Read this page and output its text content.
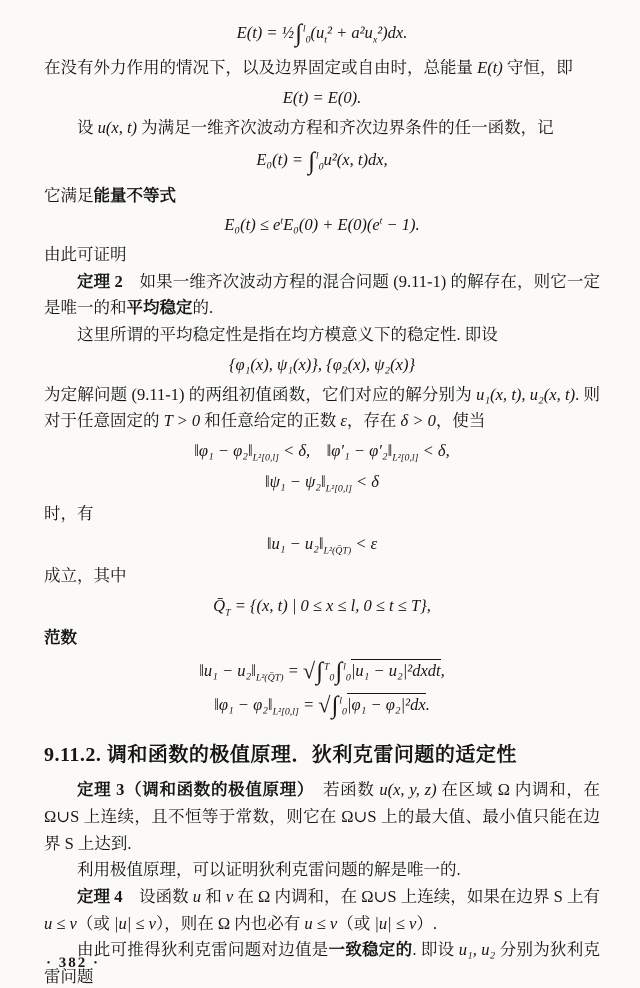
$E(t) = \frac{1}{2}\int^l_0(u_t^2 + a^2u_x^2)dx$.

在没有外力作用的情况下，以及边界固定或自由时，总能量 E(t) 守恒，即

E(t) = E(0).

设 u(x, t) 为满足一维齐次波动方程和齐次边界条件的任一函数，记

E₀(t) = ∫$^l_0$u²(x, t)dx,

它满足能量不等式

$E_0(t) \le e^tE_0(0) + E(0)(e^t - 1)$.

由此可证明

定理 2　如果一维齐次波动方程的混合问题 (9.11-1) 的解存在，则它一定是唯一的和平均稳定的.

这里所谓的平均稳定性是指在均方模意义下的稳定性. 即设

{φ₁(x), ψ₁(x)}, {φ₂(x), ψ₂(x)}

为定解问题 (9.11-1) 的两组初值函数，它们对应的解分别为 u₁(x, t), u₂(x, t). 则对于任意固定的 T > 0 和任意给定的正数 ε，存在 δ > 0，使当

‖φ₁ − $\varphi_2‖_{L^2[0,l]} < \delta$,　‖φ′₁ − $\varphi'_2‖_{L^2[0,l]} < \delta$,
‖ψ₁ − $\psi_2‖_{L^2[0,l]} < \delta$

时，有

‖u₁ − $u_2‖_{L^2(Q̄T)} < \varepsilon$

成立，其中

$Q̄_T = \{(x$, t) | 0 ≤ x ≤ l, 0 ≤ t ≤ T},

范数

‖u₁ − $u_2‖_{L^2(Q̄T)} = √\int^T_0\int^l_0|u_1$ − u₂|²dxdt,
‖φ₁ − $\varphi_2‖_{L^2[0,l]} = √\int^l_0|\varphi_1 - \varphi_2|^2dx$.
9.11.2. 调和函数的极值原理．狄利克雷问题的适定性

定理 3（调和函数的极值原理）　若函数 u(x, y, z) 在区域 Ω 内调和，在 Ω∪S 上连续，且不恒等于常数，则它在 Ω∪S 上的最大值、最小值只能在边界 S 上达到.

利用极值原理，可以证明狄利克雷问题的解是唯一的.

定理 4　设函数 u 和 v 在 Ω 内调和，在 Ω∪S 上连续，如果在边界 S 上有 u ≤ v（或 |u| ≤ v），则在 Ω 内也必有 u ≤ v（或 |u| ≤ v）.

由此可推得狄利克雷问题对边值是一致稳定的. 即设 u₁, u₂ 分别为狄利克雷问题

· 382 ·
